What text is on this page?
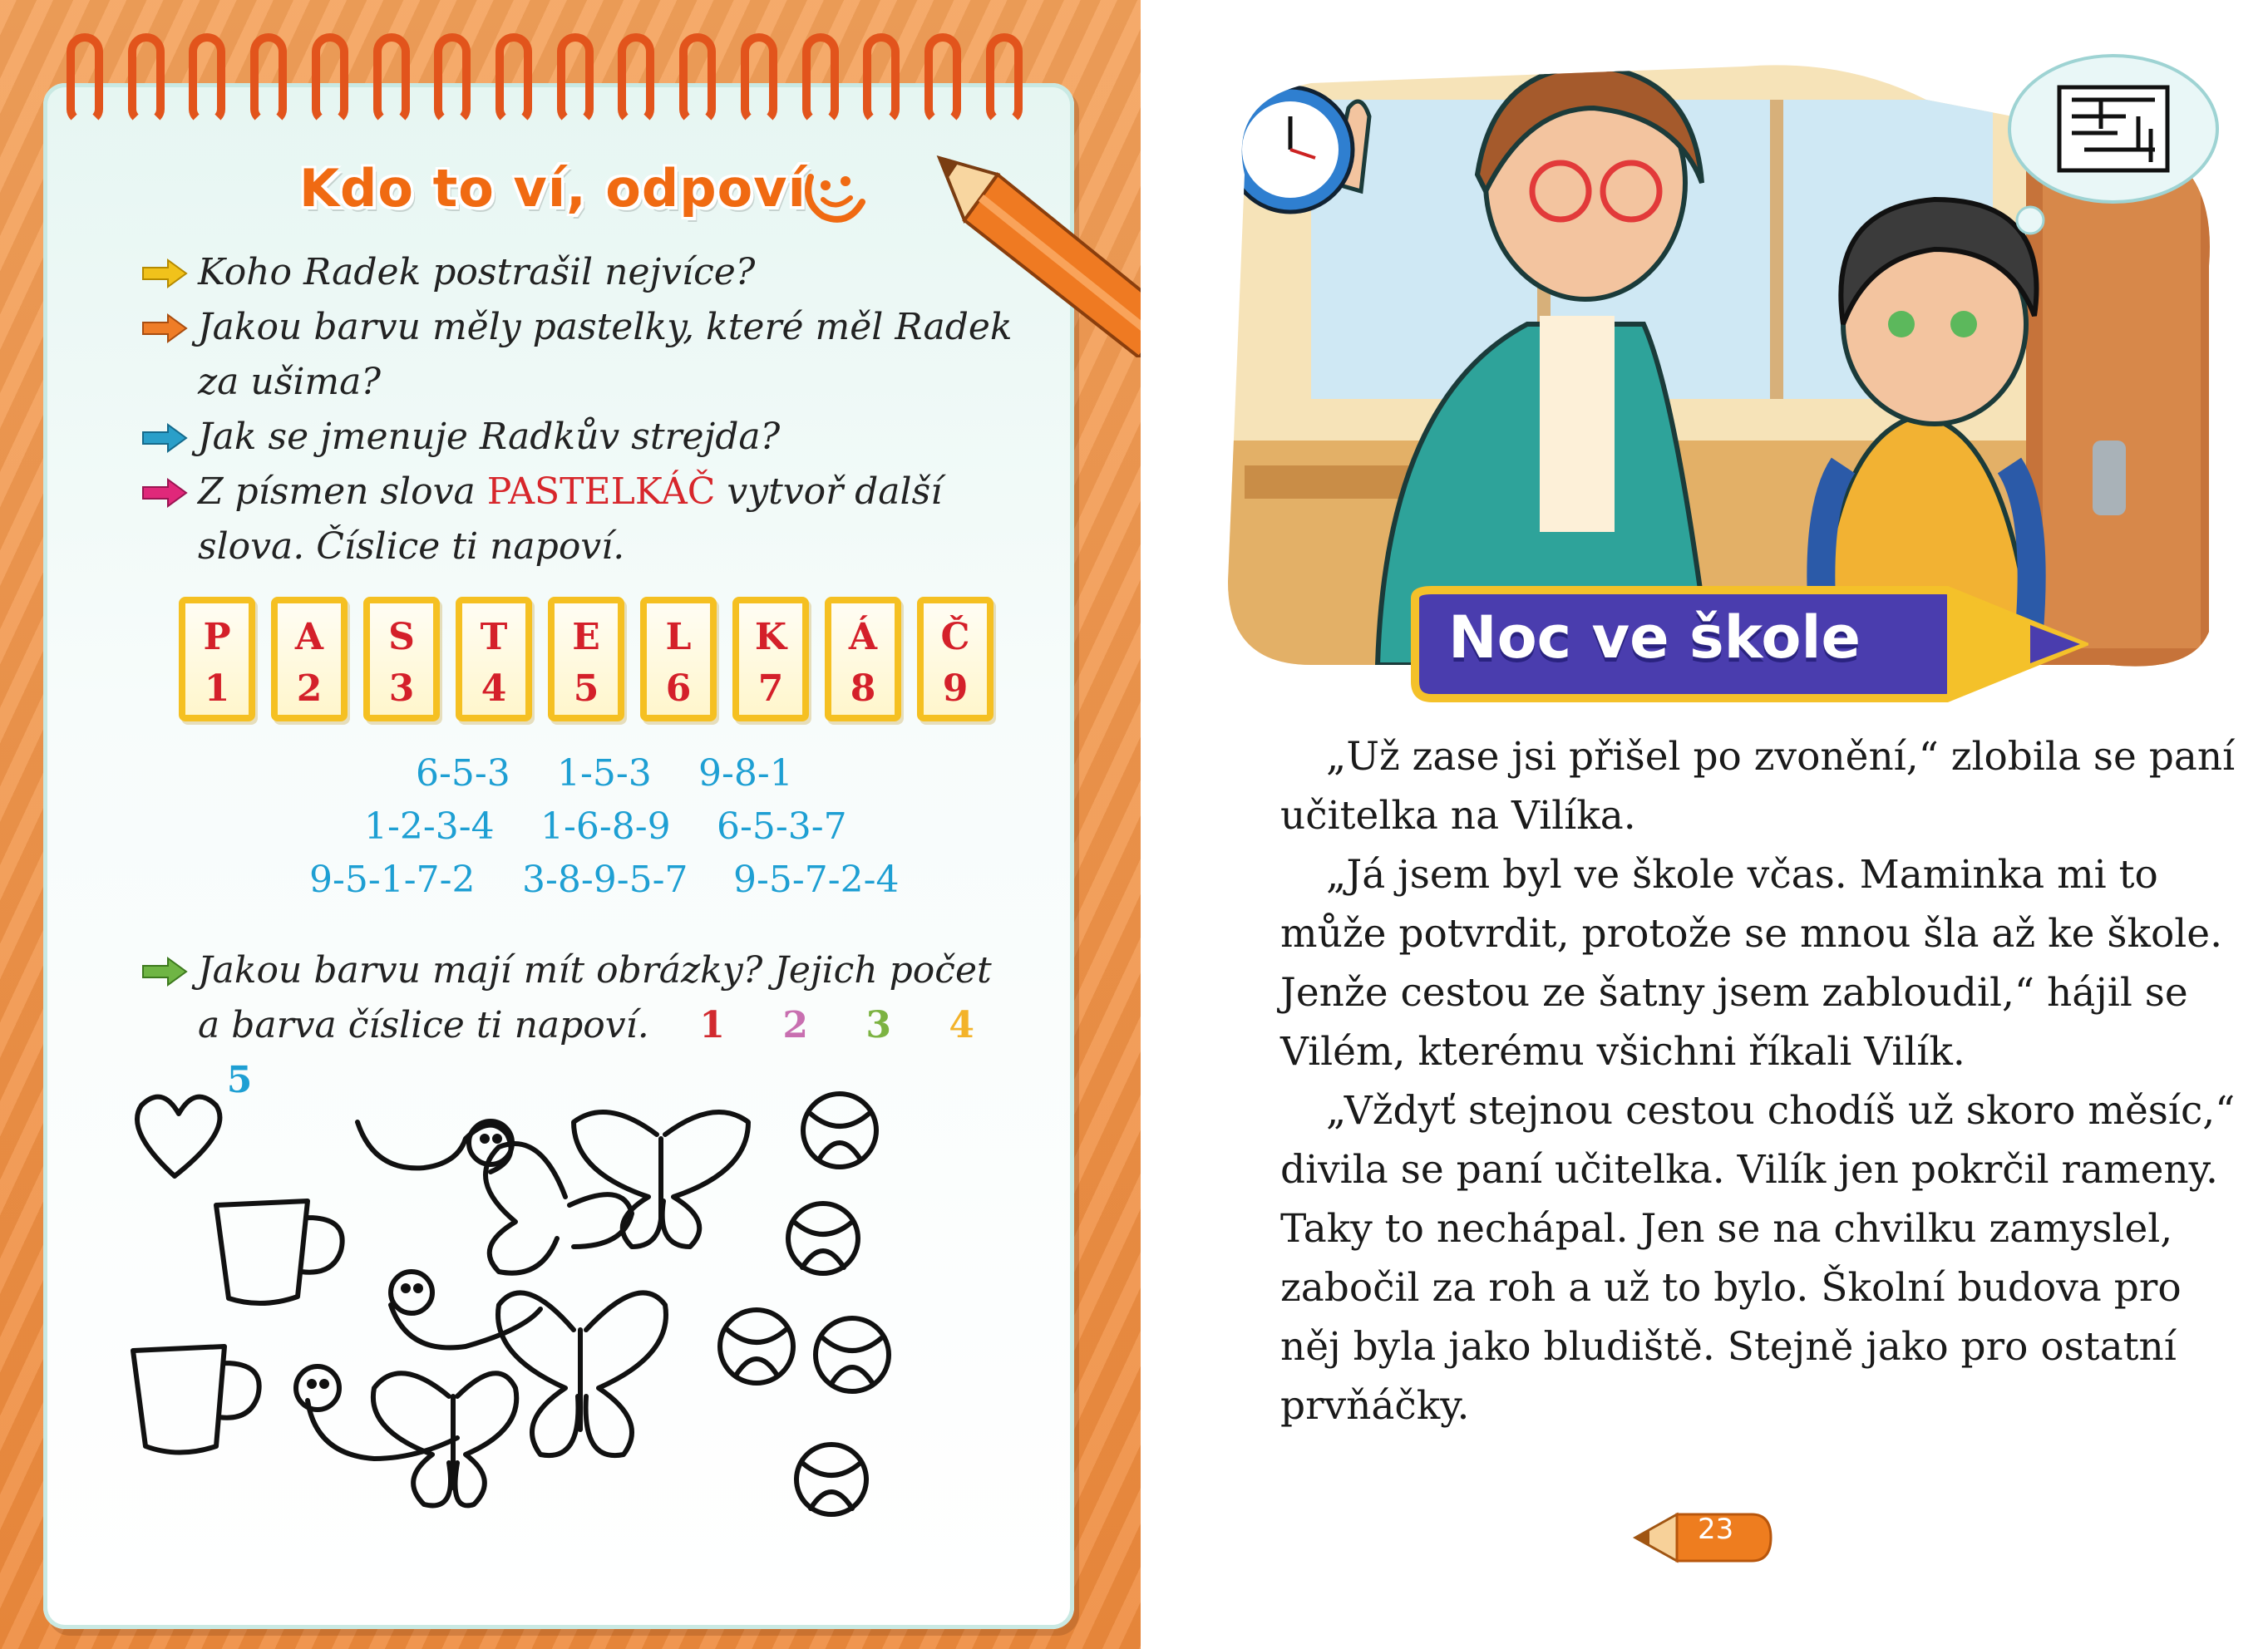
Kdo to ví, odpoví
Koho Radek postrašil nejvíce?
Jakou barvu měly pastelky, které měl Radek za ušima?
Jak se jmenuje Radkův strejda?
Z písmen slova PASTELKÁČ vytvoř další slova. Číslice ti napoví.
P
1
A
2
S
3
T
4
E
5
L
6
K
7
Á
8
Č
9
6-5-3 1-5-3 9-8-1
1-2-3-4 1-6-8-9 6-5-3-7
9-5-1-7-2 3-8-9-5-7 9-5-7-2-4
Jakou barvu mají mít obrázky? Jejich počet
a barva číslice ti napoví. 1 2 3 45
Noc ve škole

„Už zase jsi přišel po zvonění,“ zlobila se paní učitelka na Vilíka.

„Já jsem byl ve škole včas. Maminka mi to může potvrdit, protože se mnou šla až ke škole. Jenže cestou ze šatny jsem zabloudil,“ hájil se Vilém, kterému všichni říkali Vilík.

„Vždyť stejnou cestou chodíš už skoro měsíc,“ divila se paní učitelka. Vilík jen pokrčil rameny. Taky to nechápal. Jen se na chvilku zamyslel, zabočil za roh a už to bylo. Školní budova pro něj byla jako bludiště. Stejně jako pro ostatní prvňáčky.

23
